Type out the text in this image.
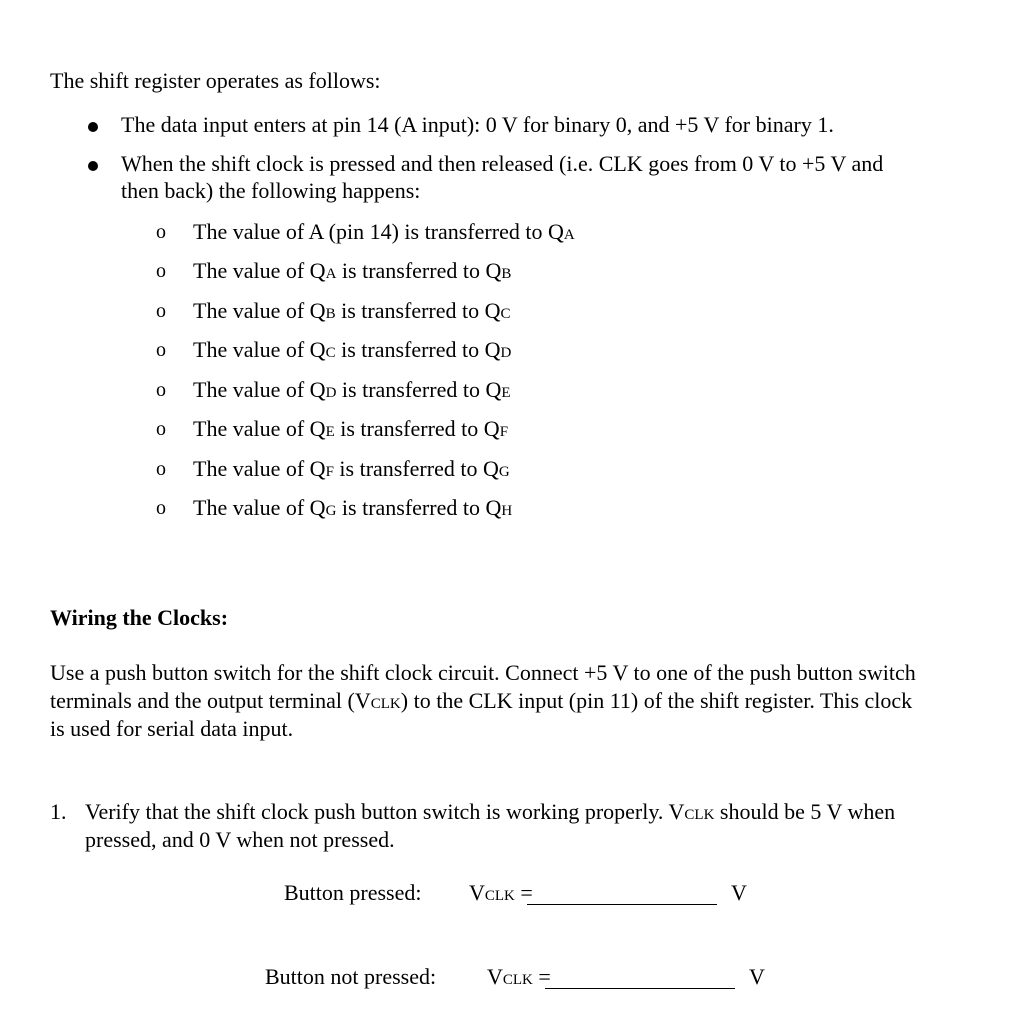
The shift register operates as follows:
The data input enters at pin 14 (A input): 0 V for binary 0, and +5 V for binary 1.
When the shift clock is pressed and then released (i.e. CLK goes from 0 V to +5 V and
then back) the following happens:
o The value of A (pin 14) is transferred to QA
o The value of QA is transferred to QB
o The value of QB is transferred to QC
o The value of QC is transferred to QD
o The value of QD is transferred to QE
o The value of QE is transferred to QF
o The value of QF is transferred to QG
o The value of QG is transferred to QH
Wiring the Clocks:
Use a push button switch for the shift clock circuit. Connect +5 V to one of the push button switch
terminals and the output terminal (VCLK) to the CLK input (pin 11) of the shift register. This clock
is used for serial data input.
1. Verify that the shift clock push button switch is working properly. VCLK should be 5 V when
pressed, and 0 V when not pressed.
Button pressed: VCLK =	V
Button not pressed: VCLK =	V
